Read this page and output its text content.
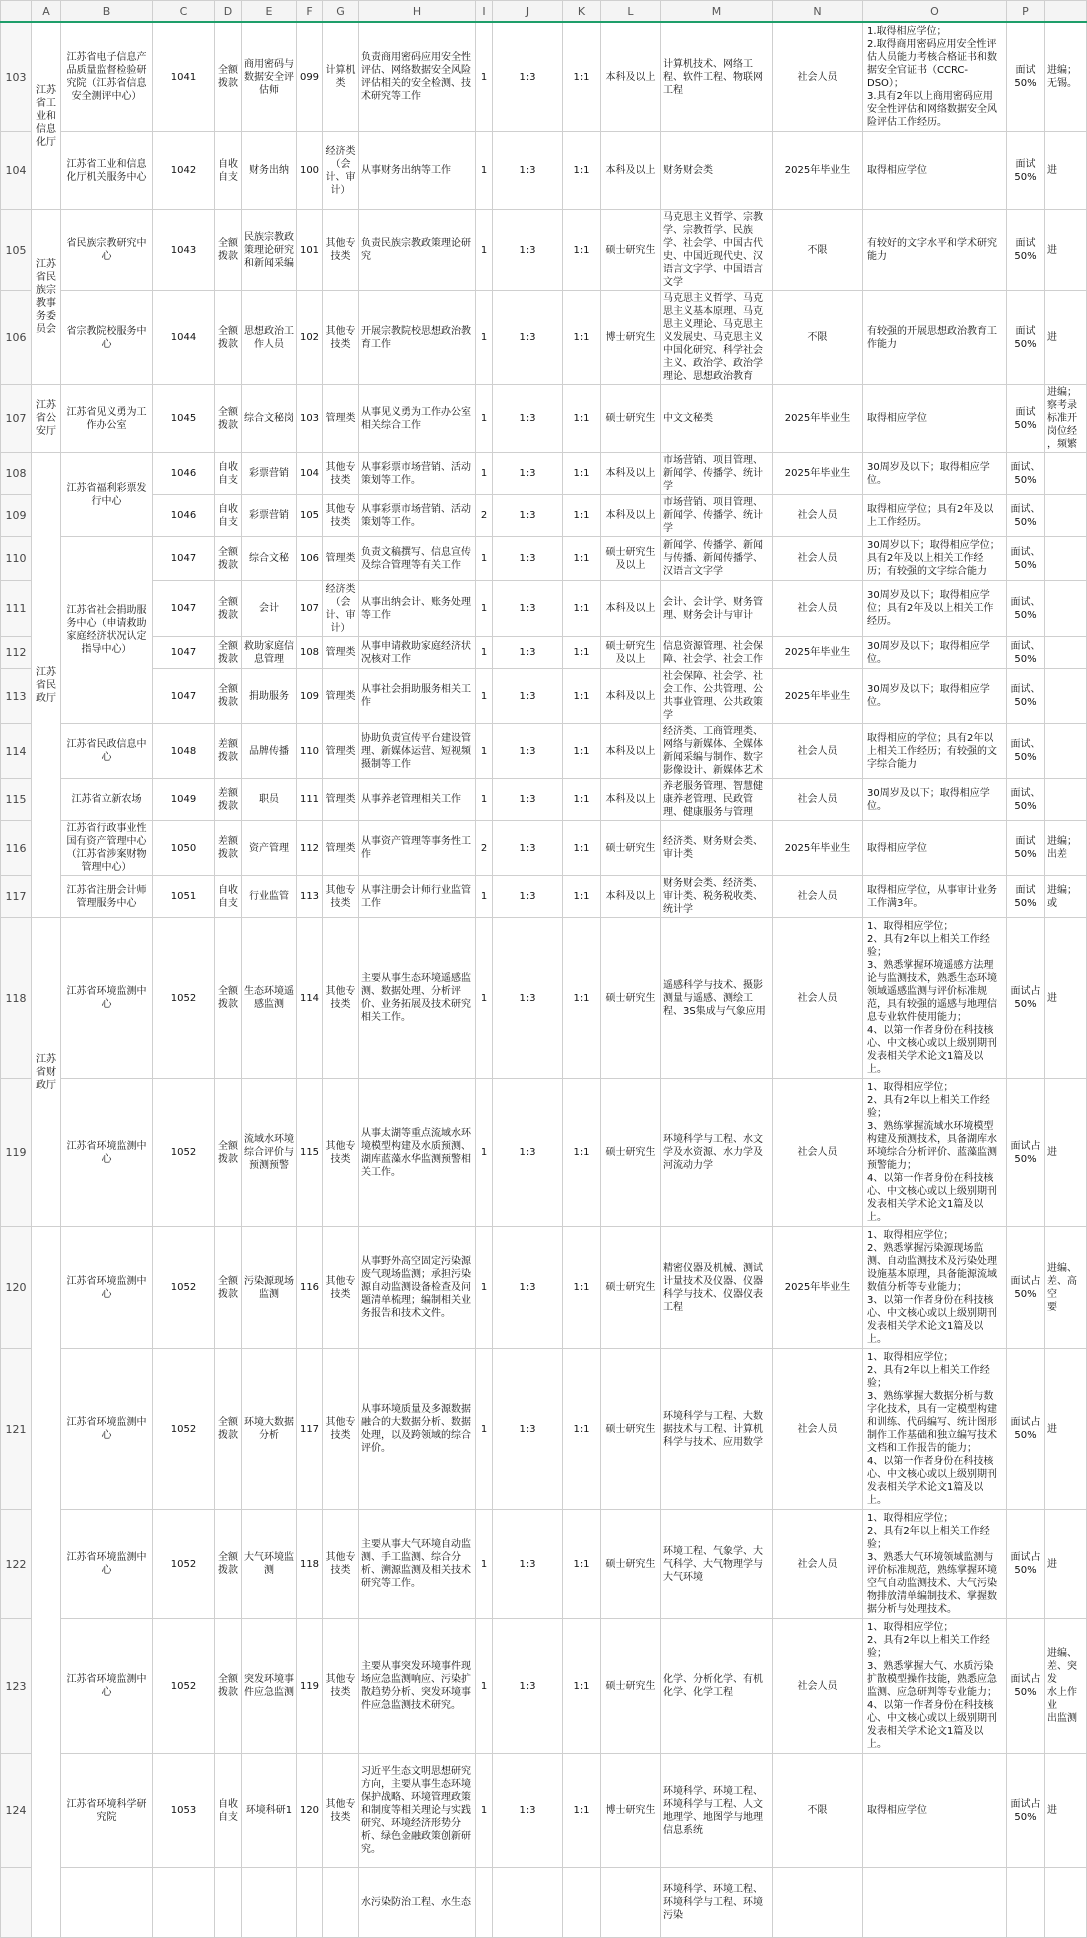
	A	B	C	D	E	F	G	H	I	J	K	L	M	N	O	P	
103	江苏省工业和信息化厅	江苏省电子信息产品质量监督检验研究院（江苏省信息安全测评中心）	1041	全额拨款	商用密码与数据安全评估师	099	计算机类	负责商用密码应用安全性评估、网络数据安全风险评估相关的安全检测、技术研究等工作	1	1:3	1:1	本科及以上	计算机技术、网络工程、软件工程、物联网工程	社会人员	1.取得相应学位；
2.取得商用密码应用安全性评估人员能力考核合格证书和数据安全官证书（CCRC-DSO）；
3.具有2年以上商用密码应用安全性评估和网络数据安全风险评估工作经历。	面试50%	进编；
无锡。

104		江苏省工业和信息化厅机关服务中心	1042	自收自支	财务出纳	100	经济类（会计、审计）	从事财务出纳等工作	1	1:3	1:1	本科及以上	财务财会类	2025年毕业生	取得相应学位	面试50%	进

105	江苏省民族宗教事务委员会	省民族宗教研究中心	1043	全额拨款	民族宗教政策理论研究和新闻采编	101	其他专技类	负责民族宗教政策理论研究	1	1:3	1:1	硕士研究生	马克思主义哲学、宗教学、宗教哲学、民族学、社会学、中国古代史、中国近现代史、汉语言文字学、中国语言文学	不限	有较好的文字水平和学术研究能力	面试50%	进

106		省宗教院校服务中心	1044	全额拨款	思想政治工作人员	102	其他专技类	开展宗教院校思想政治教育工作	1	1:3	1:1	博士研究生	马克思主义哲学、马克思主义基本原理、马克思主义理论、马克思主义发展史、马克思主义中国化研究、科学社会主义、政治学、政治学理论、思想政治教育	不限	有较强的开展思想政治教育工作能力	面试50%	进

107	江苏省公安厅	江苏省见义勇为工作办公室	1045	全额拨款	综合文秘岗	103	管理类	从事见义勇为工作办公室相关综合工作	1	1:3	1:1	硕士研究生	中文文秘类	2025年毕业生	取得相应学位	面试50%	进编；
察考录
标准开
岗位经
，频繁

108	江苏省民政厅	江苏省福利彩票发行中心	1046	自收自支	彩票营销	104	其他专技类	从事彩票市场营销、活动策划等工作。	1	1:3	1:1	本科及以上	市场营销、项目管理、新闻学、传播学、统计学	2025年毕业生	30周岁及以下；取得相应学位。	面试、50%	

109			1046	自收自支	彩票营销	105	其他专技类	从事彩票市场营销、活动策划等工作。	2	1:3	1:1	本科及以上	市场营销、项目管理、新闻学、传播学、统计学	社会人员	取得相应学位；具有2年及以上工作经历。	面试、50%	

110		江苏省社会捐助服务中心（申请救助家庭经济状况认定指导中心）	1047	全额拨款	综合文秘	106	管理类	负责文稿撰写、信息宣传及综合管理等有关工作	1	1:3	1:1	硕士研究生及以上	新闻学、传播学、新闻与传播、新闻传播学、汉语言文字学	社会人员	30周岁以下；取得相应学位；具有2年及以上相关工作经历；有较强的文字综合能力	面试、50%	

111			1047	全额拨款	会计	107	经济类（会计、审计）	从事出纳会计、账务处理等工作	1	1:3	1:1	本科及以上	会计、会计学、财务管理、财务会计与审计	社会人员	30周岁及以下；取得相应学位；具有2年及以上相关工作经历。	面试、50%	

112			1047	全额拨款	救助家庭信息管理	108	管理类	从事申请救助家庭经济状况核对工作	1	1:3	1:1	硕士研究生及以上	信息资源管理、社会保障、社会学、社会工作	2025年毕业生	30周岁及以下；取得相应学位。	面试、50%	

113			1047	全额拨款	捐助服务	109	管理类	从事社会捐助服务相关工作	1	1:3	1:1	本科及以上	社会保障、社会学、社会工作、公共管理、公共事业管理、公共政策学	2025年毕业生	30周岁及以下；取得相应学位。	面试、50%	

114		江苏省民政信息中心	1048	差额拨款	品牌传播	110	管理类	协助负责宣传平台建设管理、新媒体运营、短视频摄制等工作	1	1:3	1:1	本科及以上	经济类、工商管理类、网络与新媒体、全媒体新闻采编与制作、数字影像设计、新媒体艺术	社会人员	取得相应的学位；具有2年以上相关工作经历；有较强的文字综合能力	面试、50%	

115		江苏省立新农场	1049	差额拨款	职员	111	管理类	从事养老管理相关工作	1	1:3	1:1	本科及以上	养老服务管理、智慧健康养老管理、民政管理、健康服务与管理	社会人员	30周岁及以下；取得相应学位。	面试、50%	

116		江苏省行政事业性国有资产管理中心（江苏省涉案财物管理中心）	1050	差额拨款	资产管理	112	管理类	从事资产管理等事务性工作	2	1:3	1:1	硕士研究生	经济类、财务财会类、审计类	2025年毕业生	取得相应学位	面试50%	进编；
出差

117		江苏省注册会计师管理服务中心	1051	自收自支	行业监管	113	其他专技类	从事注册会计师行业监管工作	1	1:3	1:1	本科及以上	财务财会类、经济类、审计类、税务税收类、统计学	社会人员	取得相应学位，从事审计业务工作满3年。	面试50%	进编；
或

118	江苏省财政厅	江苏省环境监测中心	1052	全额拨款	生态环境遥感监测	114	其他专技类	主要从事生态环境遥感监测、数据处理、分析评价、业务拓展及技术研究相关工作。	1	1:3	1:1	硕士研究生	遥感科学与技术、摄影测量与遥感、测绘工程、3S集成与气象应用	社会人员	1、取得相应学位；
2、具有2年以上相关工作经验；
3、熟悉掌握环境遥感方法理论与监测技术，熟悉生态环境领域遥感监测与评价标准规范，具有较强的遥感与地理信息专业软件使用能力；
4、以第一作者身份在科技核心、中文核心或以上级别期刊发表相关学术论文1篇及以上。	面试占50%	进

119		江苏省环境监测中心	1052	全额拨款	流域水环境综合评价与预测预警	115	其他专技类	从事太湖等重点流域水环境模型构建及水质预测、湖库蓝藻水华监测预警相关工作。	1	1:3	1:1	硕士研究生	环境科学与工程、水文学及水资源、水力学及河流动力学	社会人员	1、取得相应学位；
2、具有2年以上相关工作经验；
3、熟练掌握流域水环境模型构建及预测技术，具备湖库水环境综合分析评价、蓝藻监测预警能力；
4、以第一作者身份在科技核心、中文核心或以上级别期刊发表相关学术论文1篇及以上。	面试占50%	进

120		江苏省环境监测中心	1052	全额拨款	污染源现场监测	116	其他专技类	从事野外高空固定污染源废气现场监测；承担污染源自动监测设备检查及问题清单梳理；编制相关业务报告和技术文件。	1	1:3	1:1	硕士研究生	精密仪器及机械、测试计量技术及仪器、仪器科学与技术、仪器仪表工程	2025年毕业生	1、取得相应学位；
2、熟悉掌握污染源现场监测、自动监测技术及污染处理设施基本原理，具备能源流域数值分析等专业能力；
3、以第一作者身份在科技核心、中文核心或以上级别期刊发表相关学术论文1篇及以上。	面试占50%	进编、
差、高空
要

121		江苏省环境监测中心	1052	全额拨款	环境大数据分析	117	其他专技类	从事环境质量及多源数据融合的大数据分析、数据处理，以及跨领域的综合评价。	1	1:3	1:1	硕士研究生	环境科学与工程、大数据技术与工程、计算机科学与技术、应用数学	社会人员	1、取得相应学位；
2、具有2年以上相关工作经验；
3、熟练掌握大数据分析与数字化技术，具有一定模型构建和训练、代码编写、统计图形制作工作基础和独立编写技术文档和工作报告的能力；
4、以第一作者身份在科技核心、中文核心或以上级别期刊发表相关学术论文1篇及以上。	面试占50%	进

122		江苏省环境监测中心	1052	全额拨款	大气环境监测	118	其他专技类	主要从事大气环境自动监测、手工监测、综合分析、溯源监测及相关技术研究等工作。	1	1:3	1:1	硕士研究生	环境工程、气象学、大气科学、大气物理学与大气环境	社会人员	1、取得相应学位；
2、具有2年以上相关工作经验；
3、熟悉大气环境领域监测与评价标准规范，熟练掌握环境空气自动监测技术、大气污染物排放清单编制技术、掌握数据分析与处理技术。	面试占50%	进

123		江苏省环境监测中心	1052	全额拨款	突发环境事件应急监测	119	其他专技类	主要从事突发环境事件现场应急监测响应、污染扩散趋势分析、突发环境事件应急监测技术研究。	1	1:3	1:1	硕士研究生	化学、分析化学、有机化学、化学工程	社会人员	1、取得相应学位；
2、具有2年以上相关工作经验；
3、熟悉掌握大气、水质污染扩散模型操作技能，熟悉应急监测、应急研判等专业能力；
4、以第一作者身份在科技核心、中文核心或以上级别期刊发表相关学术论文1篇及以上。	面试占50%	进编、
差、突发
水上作业
出监测

124		江苏省环境科学研究院	1053	自收自支	环境科研1	120	其他专技类	习近平生态文明思想研究方向，主要从事生态环境保护战略、环境管理政策和制度等相关理论与实践研究、环境经济形势分析、绿色金融政策创新研究。	1	1:3	1:1	博士研究生	环境科学、环境工程、环境科学与工程、人文地理学、地图学与地理信息系统	不限	取得相应学位	面试占50%	进

								水污染防治工程、水生态					环境科学、环境工程、环境科学与工程、环境污染				
